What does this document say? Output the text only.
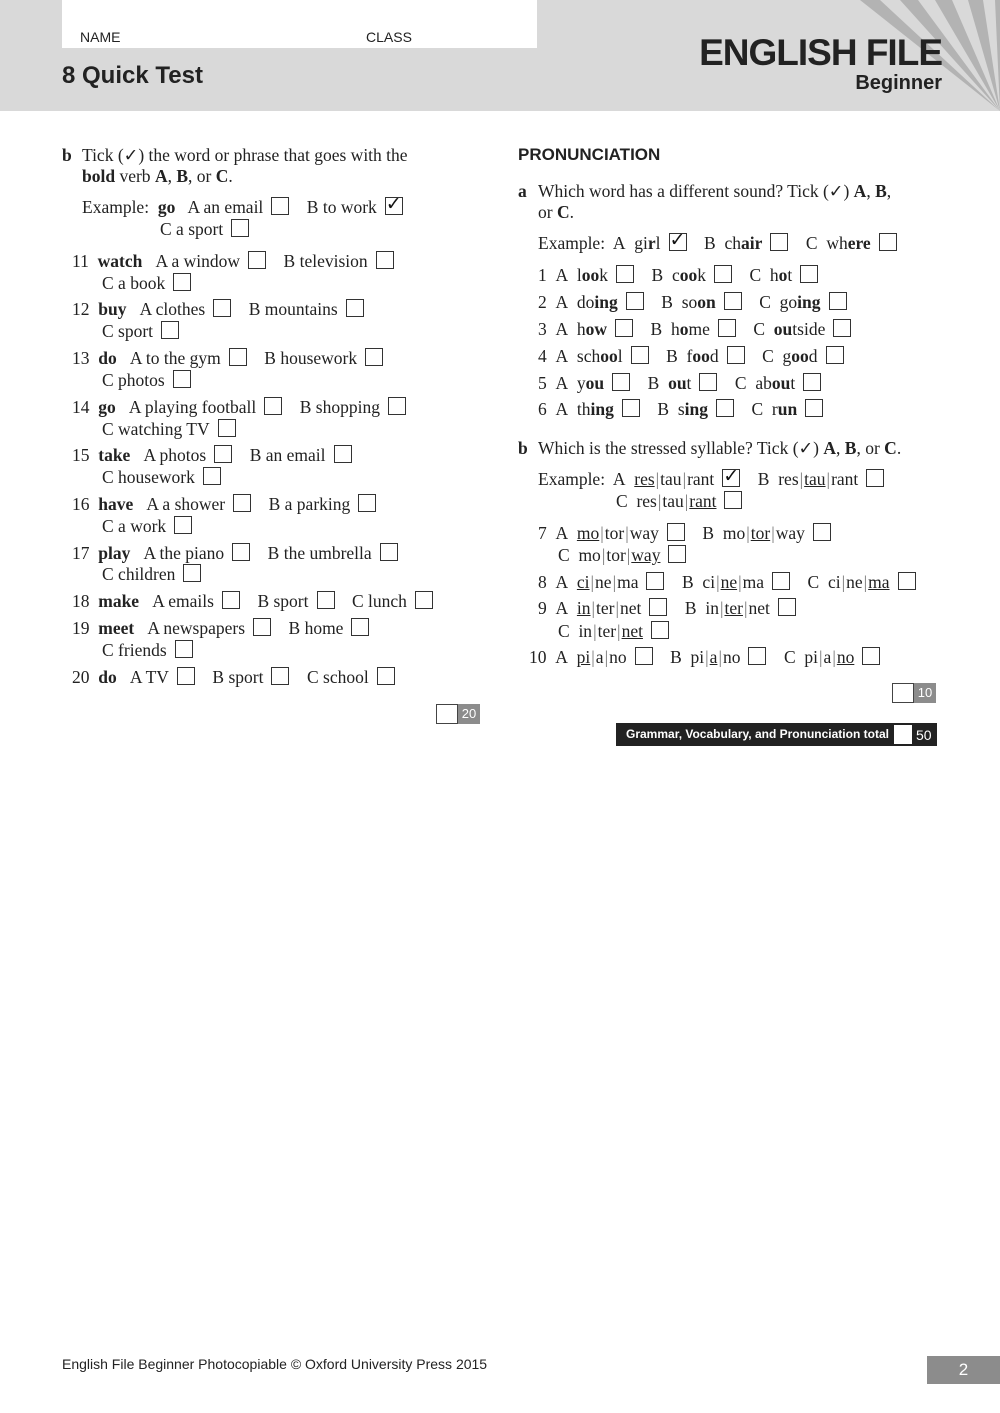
NAME	CLASS
8 Quick Test
ENGLISH FILE
Beginner
b Tick (✓) the word or phrase that goes with the
bold verb A, B, or C.
Example: go A an email B to work ✓
C a sport
11 watch A a window B television
C a book
12 buy A clothes B mountains
C sport
13 do A to the gym B housework
C photos
14 go A playing football B shopping
C watching TV
15 take A photos B an email
C housework
16 have A a shower B a parking
C a work
17 play A the piano B the umbrella
C children
18 make A emails B sport C lunch
19 meet A newspapers B home
C friends
20 do A TV B sport C school
20
PRONUNCIATION
a Which word has a different sound? Tick (✓) A, B,
or C.
Example: A girl ✓ B chair C where
1 A look B cook C hot
2 A doing B soon C going
3 A how B home C outside
4 A school B food C good
5 A you B out C about
6 A thing B sing C run
b Which is the stressed syllable? Tick (✓) A, B, or C.
Example:  A  res|tau|rant ✓ B  res|tau|rant
C  res|tau|rant
7 A mo|tor|way B mo|tor|way
C mo|tor|way
8 A ci|ne|ma B ci|ne|ma C ci|ne|ma
9 A in|ter|net B in|ter|net
C in|ter|net
10 A pi|a|no B pi|a|no C pi|a|no
10
Grammar, Vocabulary, and Pronunciation total 50
English File Beginner Photocopiable © Oxford University Press 2015	2
